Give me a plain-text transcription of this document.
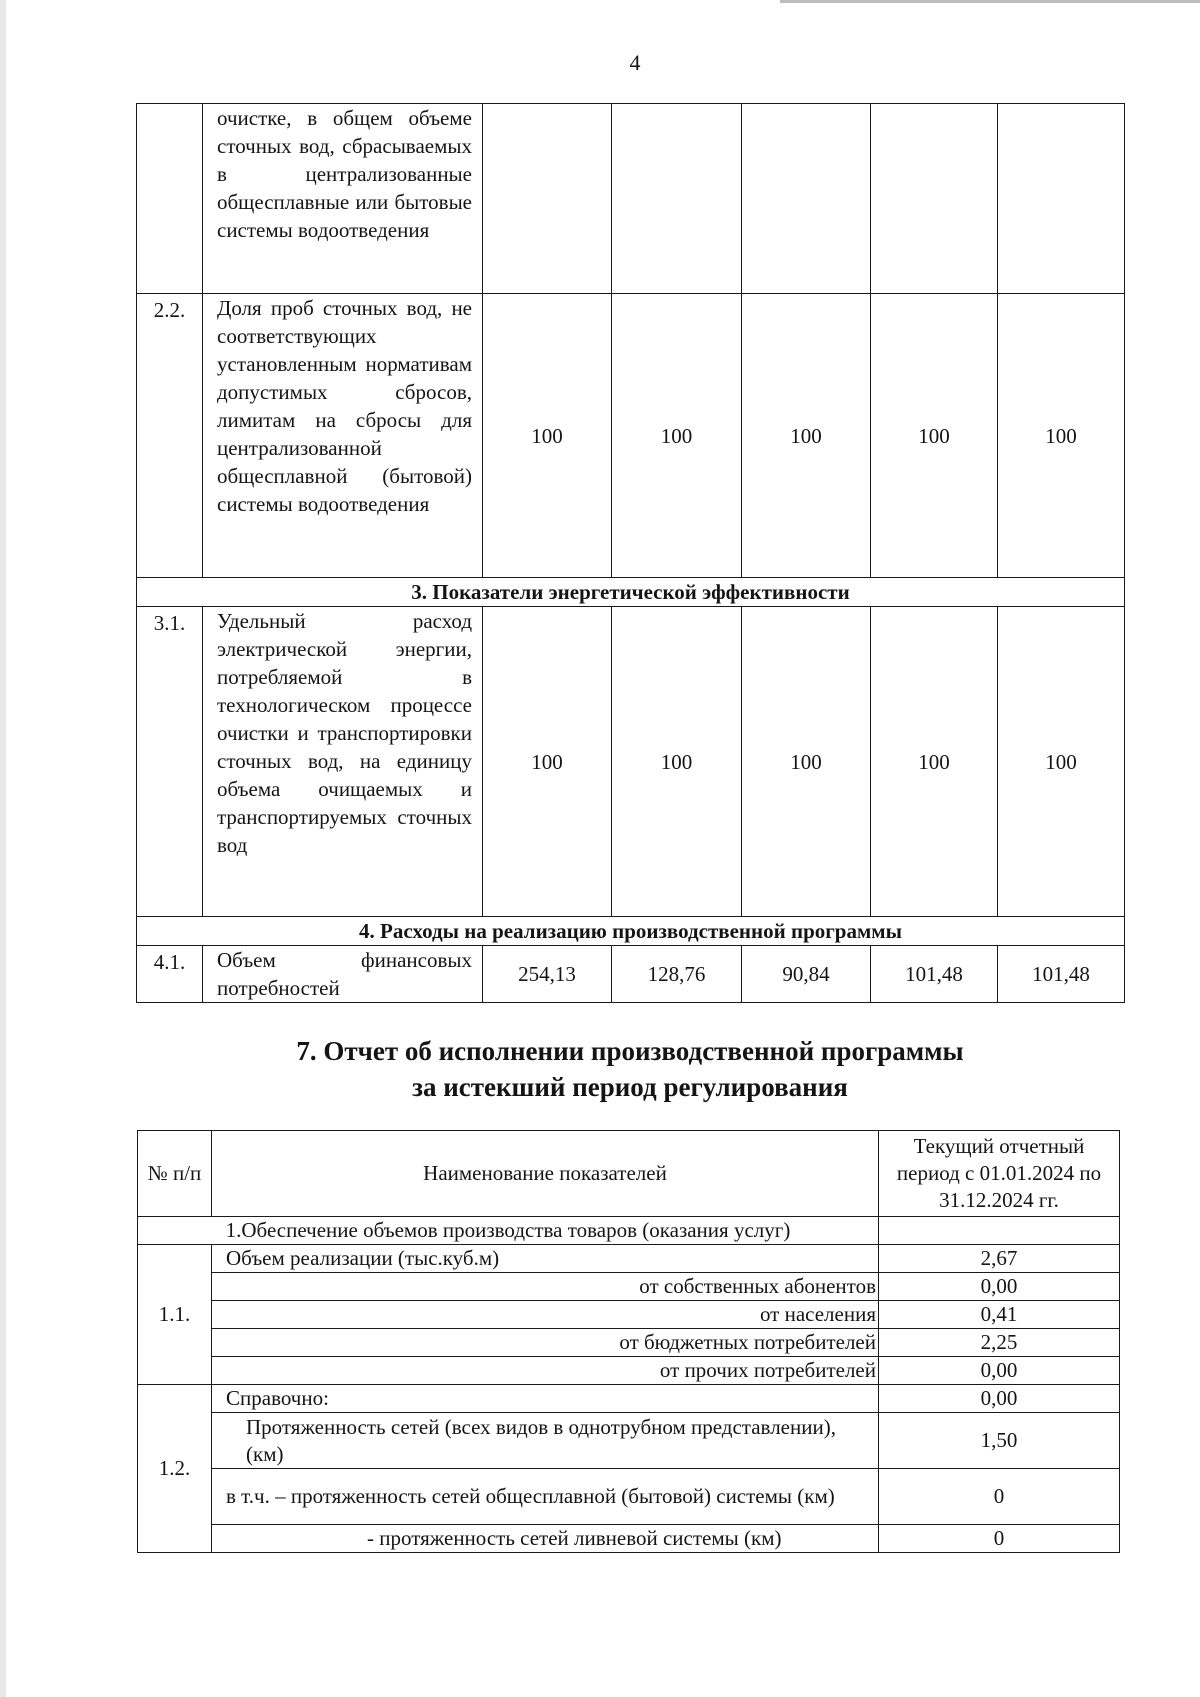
4
	очистке, в общем объеме сточных вод, сбрасываемых в централизованные общесплавные или бытовые системы водоотведения					
2.2.	Доля проб сточных вод, не соответствующих установленным нормативам допустимых сбросов, лимитам на сбросы для централизованной общесплавной (бытовой) системы водоотведения	100	100	100	100	100
3. Показатели энергетической эффективности						
3.1.	Удельный расход электрической энергии, потребляемой в технологическом процессе очистки и транспортировки сточных вод, на единицу объема очищаемых и транспортируемых сточных вод	100	100	100	100	100
4. Расходы на реализацию производственной программы						
4.1.	Объем финансовых потребностей	254,13	128,76	90,84	101,48	101,48
7. Отчет об исполнении производственной программы
за истекший период регулирования
№ п/п	Наименование показателей	Текущий отчетный период с 01.01.2024 по 31.12.2024 гг.
1.Обеспечение объемов производства товаров (оказания услуг)		
1.1.	Объем реализации (тыс.куб.м)	2,67
	от собственных абонентов	0,00
	от населения	0,41
	от бюджетных потребителей	2,25
	от прочих потребителей	0,00
1.2.	Справочно:	0,00
	Протяженность сетей (всех видов в однотрубном представлении), (км)	1,50
	в т.ч. – протяженность сетей общесплавной (бытовой) системы (км)	0
	- протяженность сетей ливневой системы (км)	0
